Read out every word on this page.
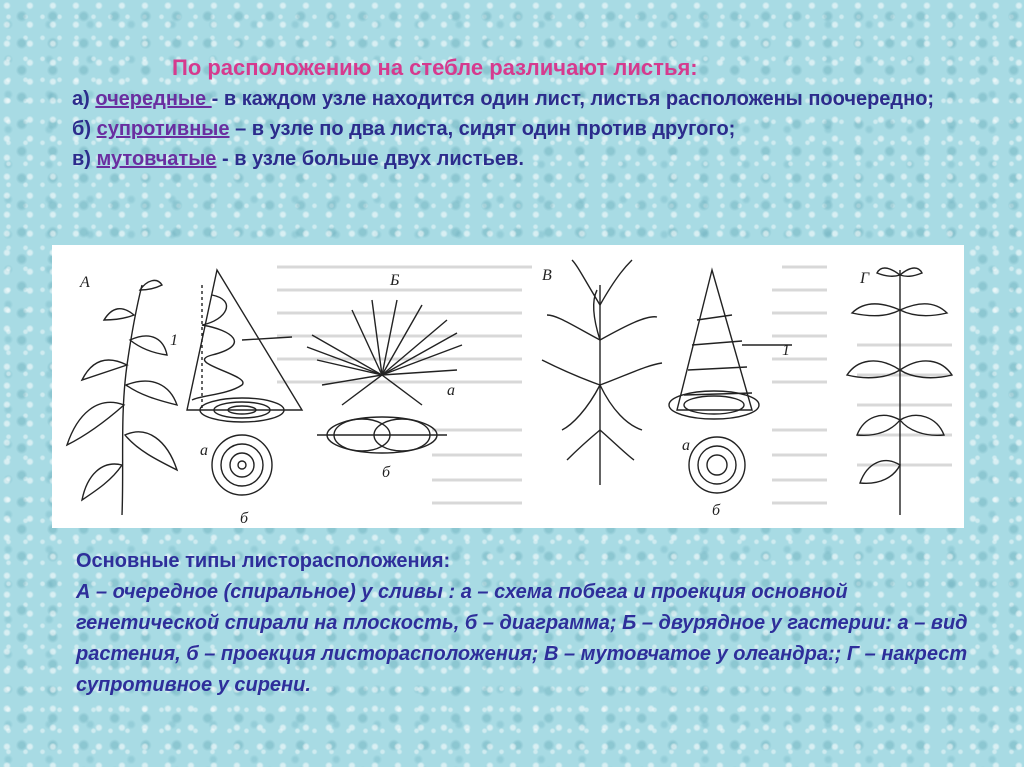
По расположению на стебле различают листья:

а) очередные - в каждом узле находится один лист, листья расположены поочередно;

б) супротивные – в узле по два листа, сидят один против другого;

в) мутовчатые - в узле больше двух листьев.

А
1
а
б
Б
а
б
В
1
а
б
Г

Основные типы листорасположения:
А – очередное (спиральное) у сливы : а – схема побега и проекция основной генетической спирали на плоскость, б – диаграмма; Б – двурядное у гастерии: а – вид растения, б – проекция листорасположения; В – мутовчатое у олеандра:; Г – накрест супротивное у сирени.
